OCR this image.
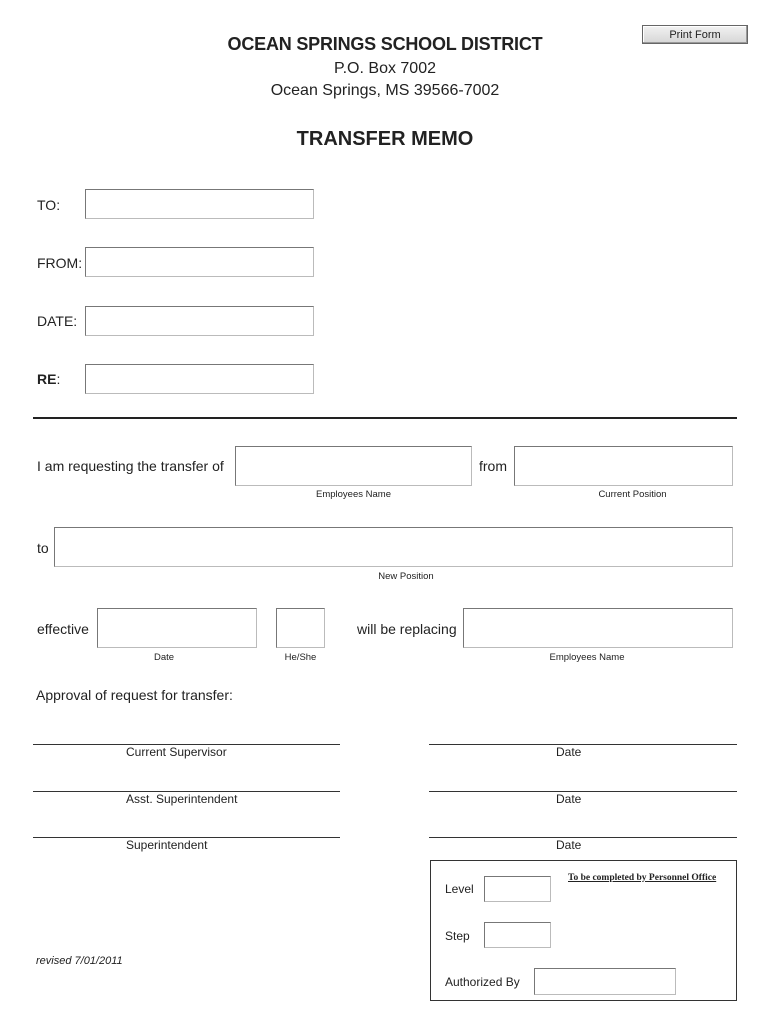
Print Form
OCEAN SPRINGS SCHOOL DISTRICT
P.O. Box 7002
Ocean Springs, MS 39566-7002
TRANSFER MEMO
TO:
FROM:
DATE:
RE:
I am requesting the transfer of	from
Employees Name	Current Position
to
New Position
effective	will be replacing
Date	He/She	Employees Name
Approval of request for transfer:
Current Supervisor	Date
Asst. Superintendent	Date
Superintendent	Date
To be completed by Personnel Office
Level
Step
Authorized By
revised 7/01/2011
